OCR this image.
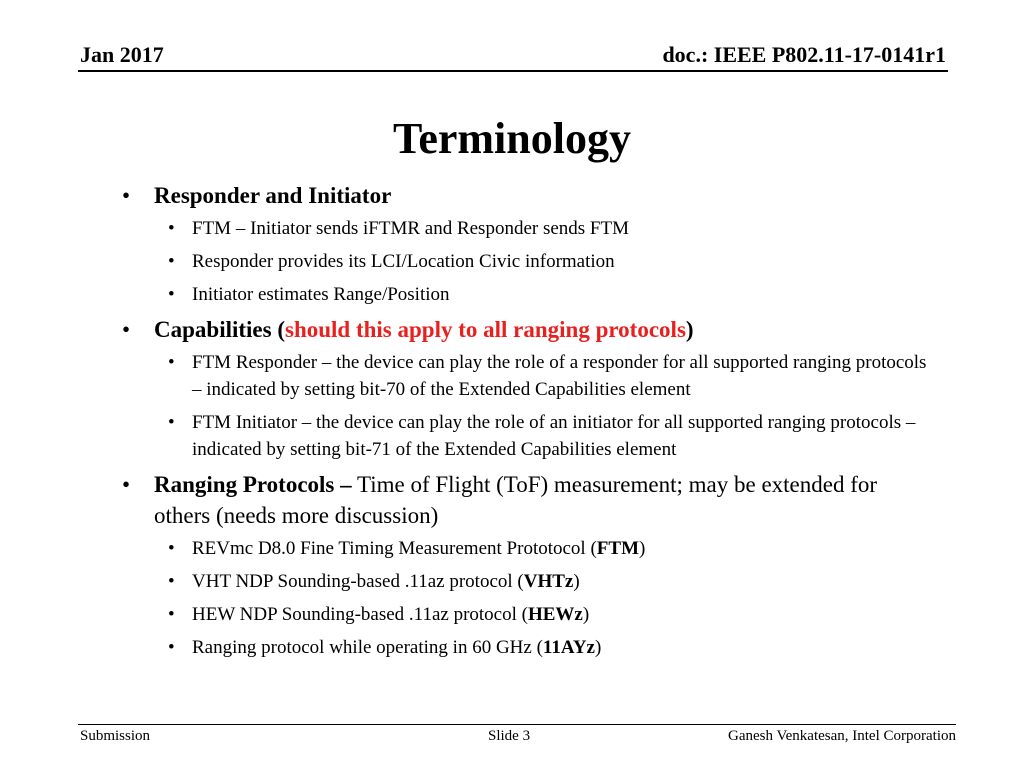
Jan 2017	doc.: IEEE P802.11-17-0141r1
Terminology
• Responder and Initiator
• FTM – Initiator sends iFTMR and Responder sends FTM
• Responder provides its LCI/Location Civic information
• Initiator estimates Range/Position
• Capabilities (should this apply to all ranging protocols)
• FTM Responder – the device can play the role of a responder for all supported ranging protocols – indicated by setting bit-70 of the Extended Capabilities element
• FTM Initiator – the device can play the role of an initiator for all supported ranging protocols – indicated by setting bit-71 of the Extended Capabilities element
• Ranging Protocols – Time of Flight (ToF) measurement; may be extended for others (needs more discussion)
• REVmc D8.0 Fine Timing Measurement Prototocol (FTM)
• VHT NDP Sounding-based .11az protocol (VHTz)
• HEW NDP Sounding-based .11az protocol (HEWz)
• Ranging protocol while operating in 60 GHz (11AYz)
Submission	Slide 3	Ganesh Venkatesan, Intel Corporation
